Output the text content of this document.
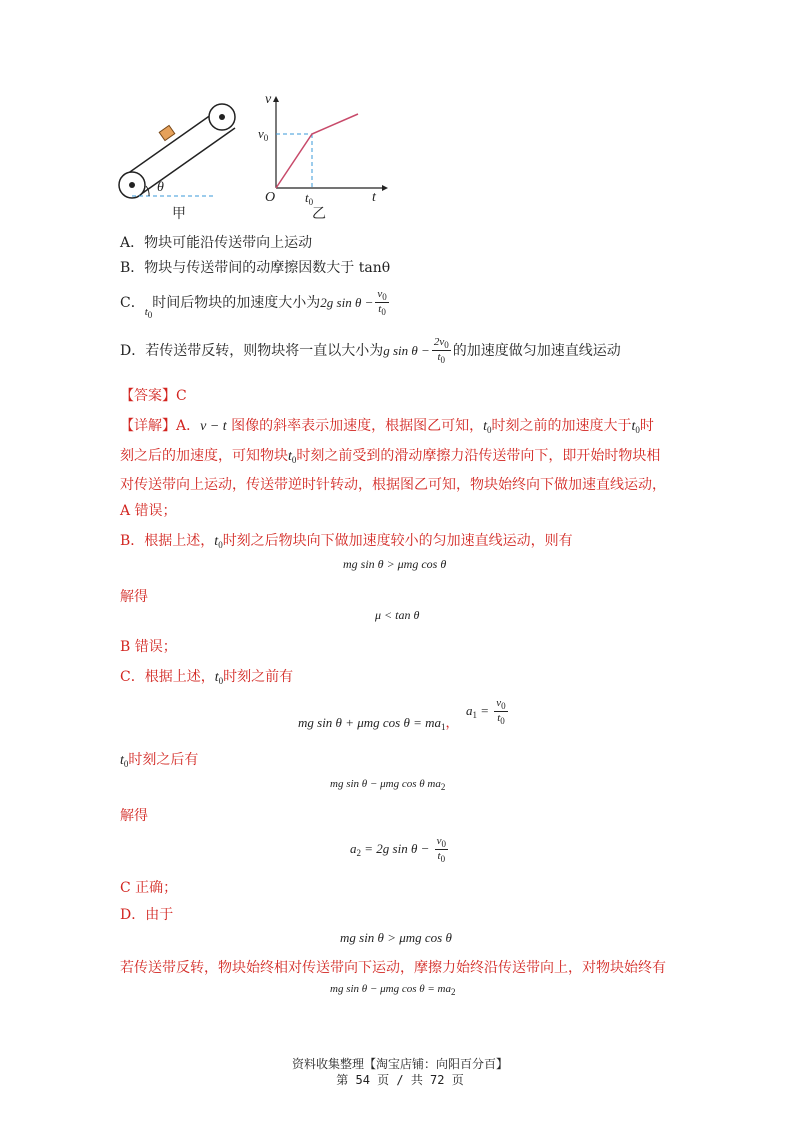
θ
甲
v
$v_0$
O $t_0$	t
乙
A．物块可能沿传送带向上运动
B．物块与传送带间的动摩擦因数大于 tanθ
C．$_{t_0}$时间后物块的加速度大小为2g $\sin \theta - \frac{v_0}{t_0}$
D．若传送带反转，则物块将一直以大小为g $\sin \theta - \frac{2v_0}{t_0}$ 的加速度做匀加速直线运动
【答案】C
【详解】A．v − t 图像的斜率表示加速度，根据图乙可知，$t_0$时刻之前的加速度大于$t_0$时
刻之后的加速度，可知物块$t_0$时刻之前受到的滑动摩擦力沿传送带向下，即开始时物块相
对传送带向上运动，传送带逆时针转动，根据图乙可知，物块始终向下做加速直线运动，
A 错误；
B．根据上述，$t_0$时刻之后物块向下做加速度较小的匀加速直线运动，则有
mg sin θ > μmg cos θ
解得
μ < tan θ
B 错误；
C．根据上述，$t_0$时刻之前有
mg sin θ + μmg $\cos \theta = ma_1$，
$a_1 = \frac{v_0}{t_0}$
$t_0$时刻之后有
mg sin θ − μmg cos θ $ma_2$
解得
$a_2 = 2g$ $\sin \theta - \frac{v_0}{t_0}$
C 正确；
D．由于
mg sin θ > μmg cos θ
若传送带反转，物块始终相对传送带向下运动，摩擦力始终沿传送带向上，对物块始终有
mg sin θ − μmg $\cos \theta = ma_2$
资料收集整理【淘宝店铺：向阳百分百】
第 54 页 / 共 72 页
